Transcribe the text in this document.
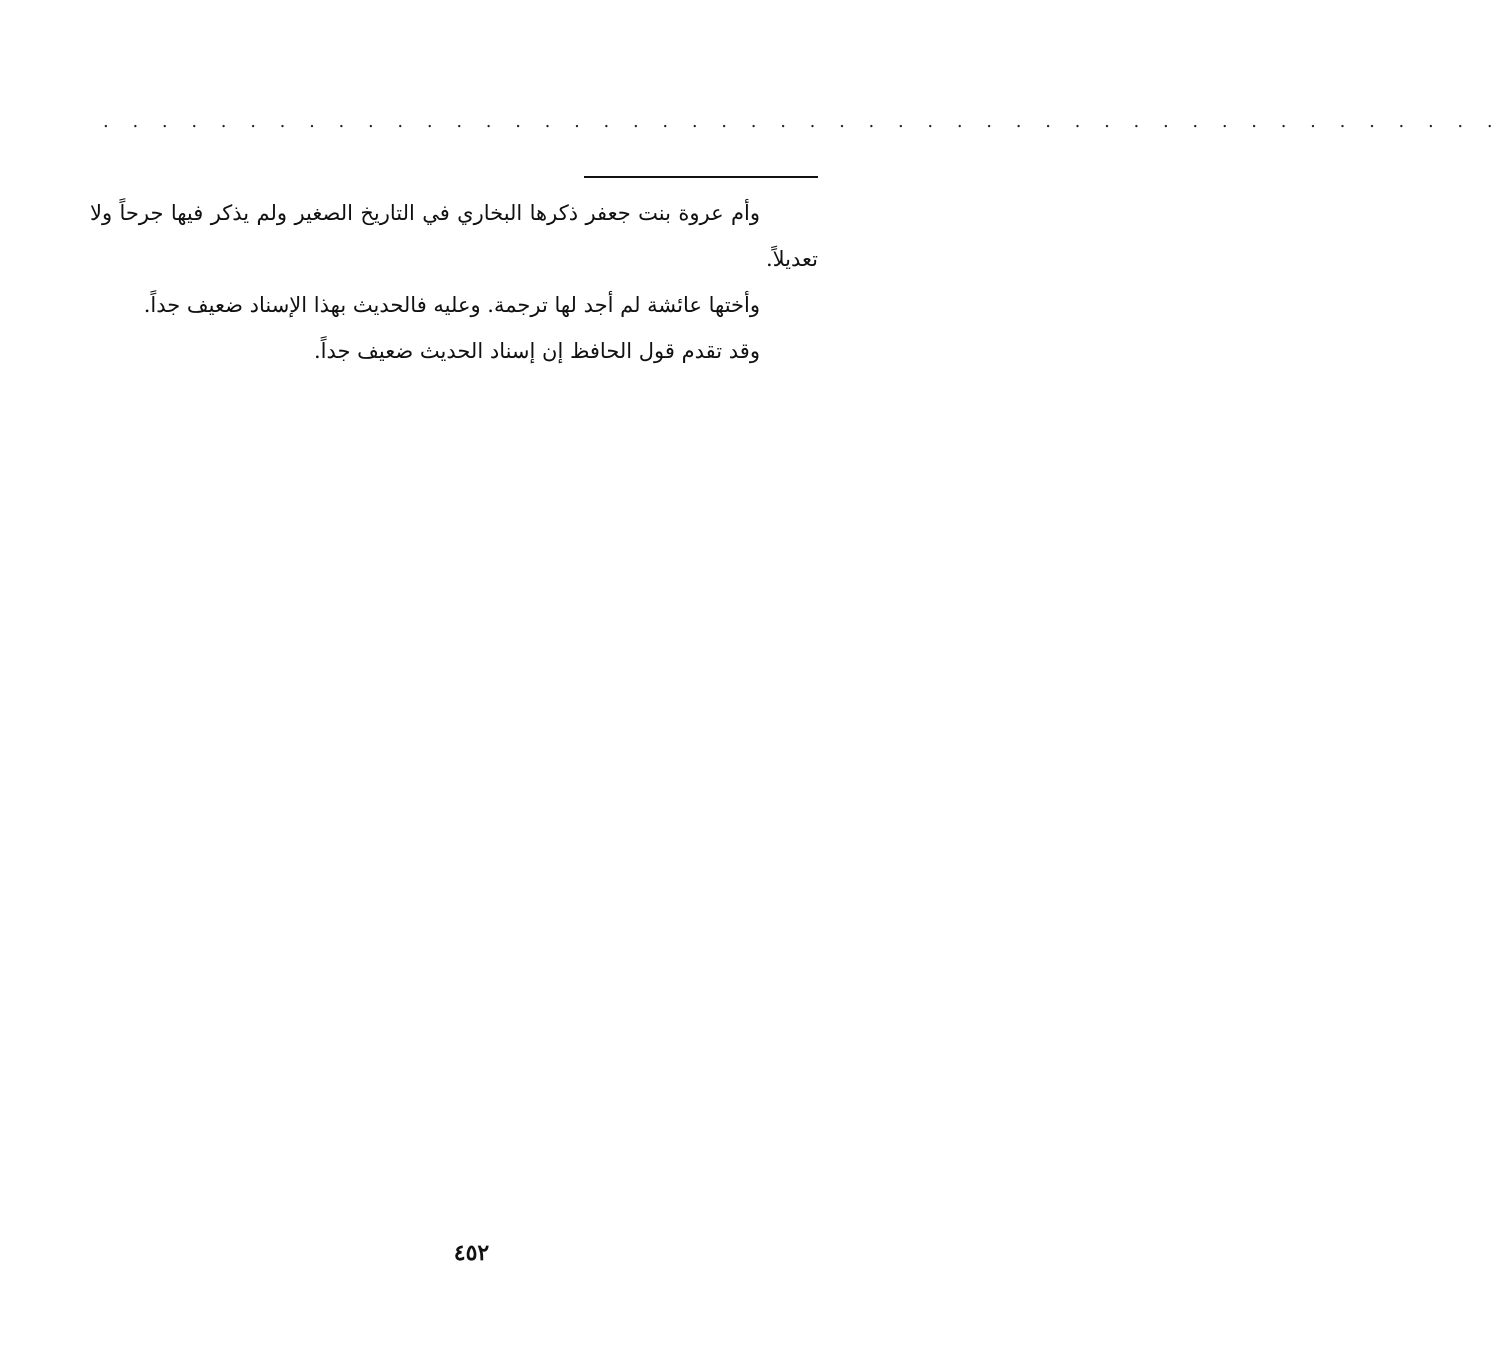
. . . . . . . . . . . . . . . . . . . . . . . . . . . . . . . . . . . . . . . . . . . . . . . .

وأم عروة بنت جعفر ذكرها البخاري في التاريخ الصغير ولم يذكر فيها جرحاً ولا تعديلاً.

وأختها عائشة لم أجد لها ترجمة. وعليه فالحديث بهذا الإسناد ضعيف جداً.

وقد تقدم قول الحافظ إن إسناد الحديث ضعيف جداً.

٤٥٢
